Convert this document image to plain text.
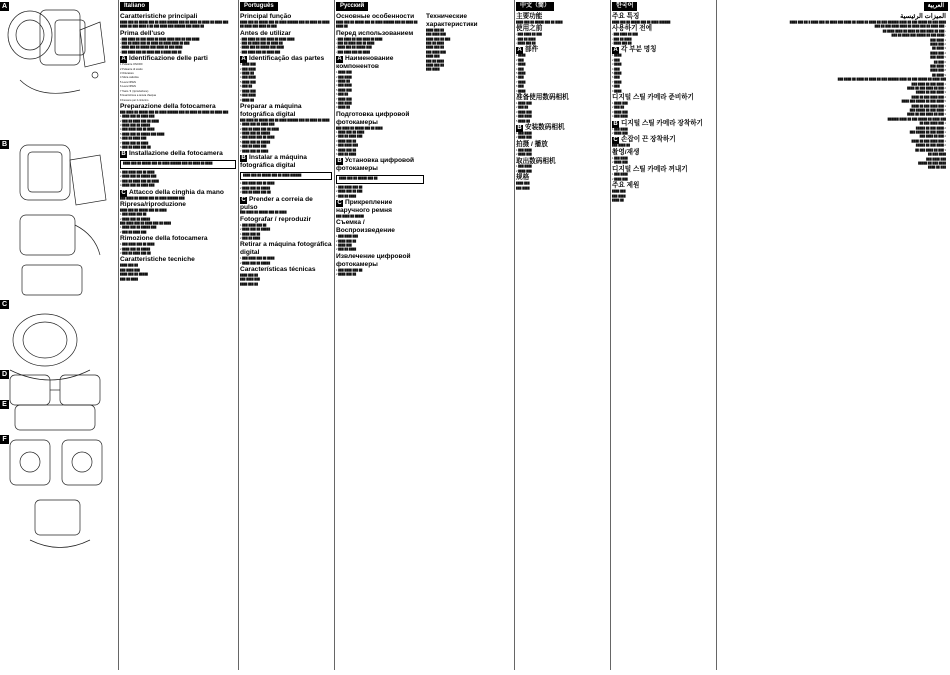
A
B
C
D
E
F
Italiano
Caratteristiche principali
████ ███ ██ █████ ███ ██ ████ ██████ ███ ██ ████ ██ ████ ██ ████ ███ ████ ██ ███ ████ █ ██ ███ ████ ███ ██████ ███ ████ ██
Prima dell'uso
• ███ ████ ██ ███ ████ ██ ████ ████ ███ ██ ███ ████
• ███ ██ ████ ███ ██ ████ ██ ████ ████ ██ ███
• ████ ███ ██ █████ ███ ████ ██ ███ ████
• ███ ████ ███ ██ ████ ███ █ ████ ███ ██
A Identificazione delle parti
1 Pulsante ON/OFF
2 Pulsante di scatto
3 Otturatore
4 Sfera cattolica
5 Leva OPEN
6 Leva OPEN
7 Tasto ▼ (riproduzione)
8 Guarnizione a tenuta d'acqua
9 Fessure per il cinturino
Preparazione della fotocamera
███ ████ ██ █████ ███ ██ ████ ██████ ███ ██ ████ ██ ████ ██ ████ ███
1 ████ ███ ██ ████ ███
2 ███ ██ ████ ███ ██ ████
3 ████ ███ ██ █████
4 ███ ████ ███ ██ ████
5 ████ ███ ██ █████ ███ ████
6 ███ ██ ████ ███
7 ████ ███ ██ ████
8 ███ ██ ████ ███ ██
B Installazione della fotocamera
████ ███ ██ █████ ███ ██ ████ ██████ ███ ██ ████ ██ ████
1 ███ ████ ███ ██ ████
2 ████ ███ ██ █████ ███
3 ███ ██ ████ ███ ██ ████
4 ████ ███ ██ ████ ███
C Attacco della cinghia da mano
███ ████ ██ █████ ███ ██ ████ ██████ ███
Ripresa/riproduzione
████ ███ ██ █████ ███ ██ ████
1 ███ ████ ███ ██
2 ████ ███ ██ █████
███ ████ ███ ██ ████ ███ ██ ████
1 ████ ███ ██ █████ ███
2 ███ ██ ████ ███
Rimozione della fotocamera
1 ███ ████ ███ ██ ████
2 ████ ███ ██ █████
3 ███ ██ ████ ███ ██
Caratteristiche tecniche
████ ███ ██
███ ████ ███
████ ███ ██ █████
███ ██ ████
Português
Principal função
████ ███ ██ █████ ███ ██ ████ ██████ ███ ██ ████ ██ ████ ██ ████ ███ ████ ██ ███
Antes de utilizar
• ███ ████ ██ ███ ████ ██ ████ ████
• ███ ██ ████ ███ ██ ████ ██
• ████ ███ ██ █████ ███ ████
• ███ ████ ███ ██ ████ ███
A Identificação das partes
1 ████ ███
2 ███ ████
3 ████ ██
4 ███ ████
5 ████ ███
6 ███ ██
7 ████ ███
8 ███ ████
9 ████ ██
Preparar a máquina fotográfica digital
███ ████ ██ █████ ███ ██ ████ ██████ ███ ██ ████ ██ ████
1 ████ ███ ██ ████ ███
2 ███ ██ ████ ███ ██ ████
3 ████ ███ ██ █████
4 ███ ████ ███ ██ ████
5 ████ ███ ██ █████
6 ███ ██ ████ ███
7 ████ ███ ██ ████
B Instalar a máquina fotográfica digital
████ ███ ██ █████ ███ ██ ████ ██████
1 ███ ████ ███ ██ ████
2 ████ ███ ██ █████
3 ███ ██ ████ ███ ██
C Prender a correia de pulso
███ ████ ██ █████ ███ ██ ████
Fotografar / reproduzir
1 ███ ████ ███ ██
2 ████ ███ ██ █████
1 ████ ███ ██
2 ███ ██ ████
Retirar a máquina fotográfica digital
1 ███ ████ ███ ██ ████
2 ████ ███ ██ █████
Características técnicas
████ ███ ██
███ ████ ███
████ ███ ██
Русский
Основные особенности
████ ███ ██ █████ ███ ██ ████ ██████ ███ ██ ████ ██ ████ ██
Перед использованием
• ███ ████ ██ ███ ████ ██ ████
• ███ ██ ████ ███ ██ ████
• ████ ███ ██ █████ ███
• ███ ████ ███ ██ ████
A Наименование компонентов
1 ████ ███
2 ███ ████
3 ████ ██
4 ███ ████
5 ████ ███
6 ███ ██
7 ████ ███
8 ███ ████
9 ████ ██
Подготовка цифровой фотокамеры
███ ████ ██ █████ ███ ██ ████
1 ████ ███ ██ ████
2 ███ ██ ████ ███
3 ████ ███ ██
4 ███ ████ ███
5 ████ ███ ██
6 ███ ██ ████
B Установка цифровой фотокамеры
████ ███ ██ █████ ███ ██
1 ███ ████ ███ ██
2 ████ ███ ██ ███
3 ███ ██ ████
C Прикрепление наручного ремня
███ ████ ██ █████
Съемка / Воспроизведение
1 ███ ████ ███
2 ████ ███ ██
1 ████ ███
2 ███ ██ ████
Извлечение цифровой фотокамеры
1 ███ ████ ███ ██
2 ████ ███ ██
Технические характеристики
████ ███ ██
███ ████ ███
████ ███ ██ ███
███ ██ ████
████ ███ ██
███ ████ ███
████ ███
███ ██ ████
████ ███ ██
███ ████
中文（简）
主要功能
████ ███ ██ █████ ███ ██ ████
使用之前
• ███ ████ ██ ███
• ███ ██ ████
• ████ ███ ██
A 部件
1 ████
2 ███
3 ████
4 ███
5 ████
6 ███
7 ████
8 ███
9 ████
准备使用数码相机
1 ████ ███
2 ███ ██
3 ████ ███
4 ███ ████
5 ████ ██
B 安装数码相机
1 ███ ████
2 ████ ███
拍摄 / 播放
1 ███ ████
2 ████ ███
取出数码相机
1 ███ ████
2 ████ ███
规格
████ ███
███ ████
한국어
주요 특징
████ ███ ██ █████ ███ ██ ████ ██████
사용하기 전에
• ███ ████ ██ ███
• ███ ██ ████
• ████ ███ ██
A 각 부분 명칭
1 ████
2 ███
3 ████
4 ███
5 ████
6 ███
7 ████
8 ███
9 ████
디지털 스틸 카메라 준비하기
1 ████ ███
2 ███ ██
3 ████ ███
4 ███ ████
B 디지털 스틸 카메라 장착하기
1 ███ ████
2 ████ ███
C 손잡이 끈 장착하기
███ ████ ██
촬영/재생
1 ███ ████
2 ████ ███
디지털 스틸 카메라 꺼내기
1 ███ ████
2 ████ ███
주요 제원
████ ███
███ ████
████ ██
العربية
الميزات الرئيسية
████ ███ ██ █████ ███ ██ ████ ██████ ███ ██ ████ ██ ████ ██ ████ ███ ████ ██ ███ ████ █ ██ ███ ████
• ███ ████ ██ ███ ████ ██ ████ ████ ███ ██ ███
• ███ ██ ████ ███ ██ ████ ██ ████ ████ ██
• ████ ███ ██ █████ ███ ████ ██ ███
1 ████ ███
2 ███ ████
3 ████ ██
4 ███ ████
5 ████ ███
6 ███ ██
7 ████ ███
8 ███ ████
9 ████ ██
███ ████ ██ █████ ███ ██ ████ ██████ ███ ██ ████ ██ ████ ██ ████ ███
1 ████ ███ ██ ████ ███
2 ███ ██ ████ ███ ██ ████
3 ████ ███ ██ █████
4 ███ ████ ███ ██ ████
5 ████ ███ ██ █████ ███ ████
1 ███ ████ ███ ██ ████
2 ████ ███ ██ █████ ███
3 ███ ██ ████ ███ ██ ████
███ ████ ██ █████ ███ ██ ████ ██████
1 ███ ████ ███ ██
2 ████ ███ ██ █████
1 ████ ███ ██ █████ ███
2 ███ ██ ████ ███
1 ███ ████ ███ ██ ████
2 ████ ███ ██ █████
3 ███ ██ ████ ███ ██
████ ███ ██
███ ████ ███
████ ███ ██ █████
███ ██ ████
